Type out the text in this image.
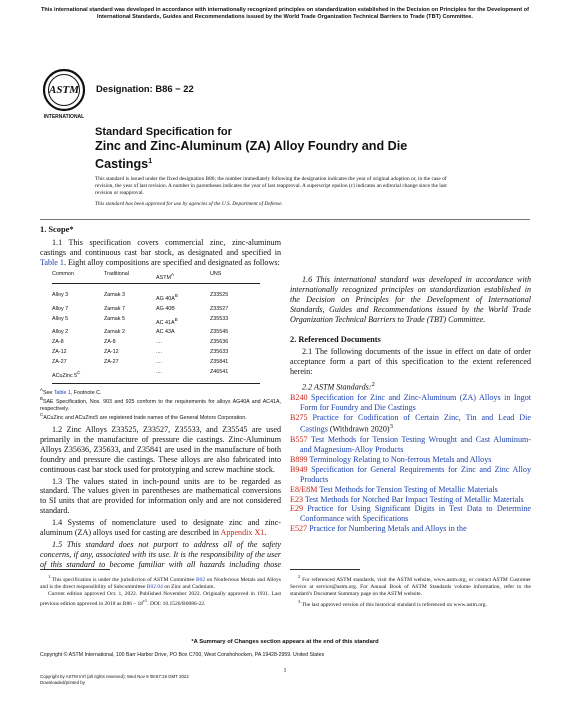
This international standard was developed in accordance with internationally recognized principles on standardization established in the Decision on Principles for the Development of International Standards, Guides and Recommendations issued by the World Trade Organization Technical Barriers to Trade (TBT) Committee.
ASTM
INTERNATIONAL
Designation: B86 − 22
Standard Specification for
Zinc and Zinc-Aluminum (ZA) Alloy Foundry and Die Castings$^1$
This standard is issued under the fixed designation B86; the number immediately following the designation indicates the year of original adoption or, in the case of revision, the year of last revision. A number in parentheses indicates the year of last reapproval. A superscript epsilon (ε) indicates an editorial change since the last revision or reapproval.
This standard has been approved for use by agencies of the U.S. Department of Defense.
1. Scope*

1.1 This specification covers commercial zinc, zinc-aluminum castings and continuous cast bar stock, as designated and specified in Table 1. Eight alloy compositions are specified and designated as follows:

Common	Traditional	$ASTM^A$	UNS

Alloy 3	Zamak 3	AG $40A^B$	Z33525
Alloy 7	Zamak 7	AG 40B	Z33527
Alloy 5	Zamak 5	AC $41A^B$	Z35533
Alloy 2	Zamak 2	AC 43A	Z35545
ZA-8	ZA-8	....	Z35636
ZA-12	ZA-12	....	Z35633
ZA-27	ZA-27	....	Z35841
ACuZinc $5^C$		....	Z46541
$^A$See Table 1, Footnote C.
$^B$SAE Specification, Nos. 903 and 925 conform to the requirements for alloys AG40A and AC41A, respectively.
$^C$ACuZinc and ACuZinc5 are registered trade names of the General Motors Corporation.

1.2 Zinc Alloys Z33525, Z33527, Z35533, and Z35545 are used primarily in the manufacture of pressure die castings. Zinc-Aluminum Alloys Z35636, Z35633, and Z35841 are used in the manufacture of both foundry and pressure die castings. These alloys are also fabricated into continuous cast bar stock used for prototyping and screw machine stock.

1.3 The values stated in inch-pound units are to be regarded as standard. The values given in parentheses are mathematical conversions to SI units that are provided for information only and are not considered standard.

1.4 Systems of nomenclature used to designate zinc and zinc-aluminum (ZA) alloys used for casting are described in Appendix X1.

1.5 This standard does not purport to address all of the safety concerns, if any, associated with its use. It is the responsibility of the user of this standard to become familiar with all hazards including those

1.6 This international standard was developed in accordance with internationally recognized principles on standardization established in the Decision on Principles for the Development of International Standards, Guides and Recommendations issued by the World Trade Organization Technical Barriers to Trade (TBT) Committee.

2. Referenced Documents

2.1 The following documents of the issue in effect on date of order acceptance form a part of this specification to the extent referenced herein:

2.2 ASTM Standards:$^2$

B240 Specification for Zinc and Zinc-Aluminum (ZA) Alloys in Ingot Form for Foundry and Die Castings
B275 Practice for Codification of Certain Zinc, Tin and Lead Die Castings (Withdrawn 2020)$^3$
B557 Test Methods for Tension Testing Wrought and Cast Aluminum- and Magnesium-Alloy Products
B899 Terminology Relating to Non-ferrous Metals and Alloys
B949 Specification for General Requirements for Zinc and Zinc Alloy Products
E8/E8M Test Methods for Tension Testing of Metallic Materials
E23 Test Methods for Notched Bar Impact Testing of Metallic Materials
E29 Practice for Using Significant Digits in Test Data to Determine Conformance with Specifications
E527 Practice for Numbering Metals and Alloys in the
$^1$ This specification is under the jurisdiction of ASTM Committee B02 on Nonferrous Metals and Alloys and is the direct responsibility of Subcommittee B02.04 on Zinc and Cadmium.
Current edition approved Oct. 1, 2022. Published November 2022. Originally approved in 1931. Last previous edition approved in 2018 as $B86 - 18^{\varepsilon 1}$. DOI: 10.1520/B0086-22.
$^2$ For referenced ASTM standards, visit the ASTM website, www.astm.org, or contact ASTM Customer Service at service@astm.org. For Annual Book of ASTM Standards volume information, refer to the standard’s Document Summary page on the ASTM website.
$^3$ The last approved version of this historical standard is referenced on www.astm.org.
*A Summary of Changes section appears at the end of this standard
Copyright © ASTM International, 100 Barr Harbor Drive, PO Box C700, West Conshohocken, PA 19428-2959. United States
1
Copyright by ASTM Int'l (all rights reserved); Wed Nov 9 08:57:19 GMT 2022
Downloaded/printed by
